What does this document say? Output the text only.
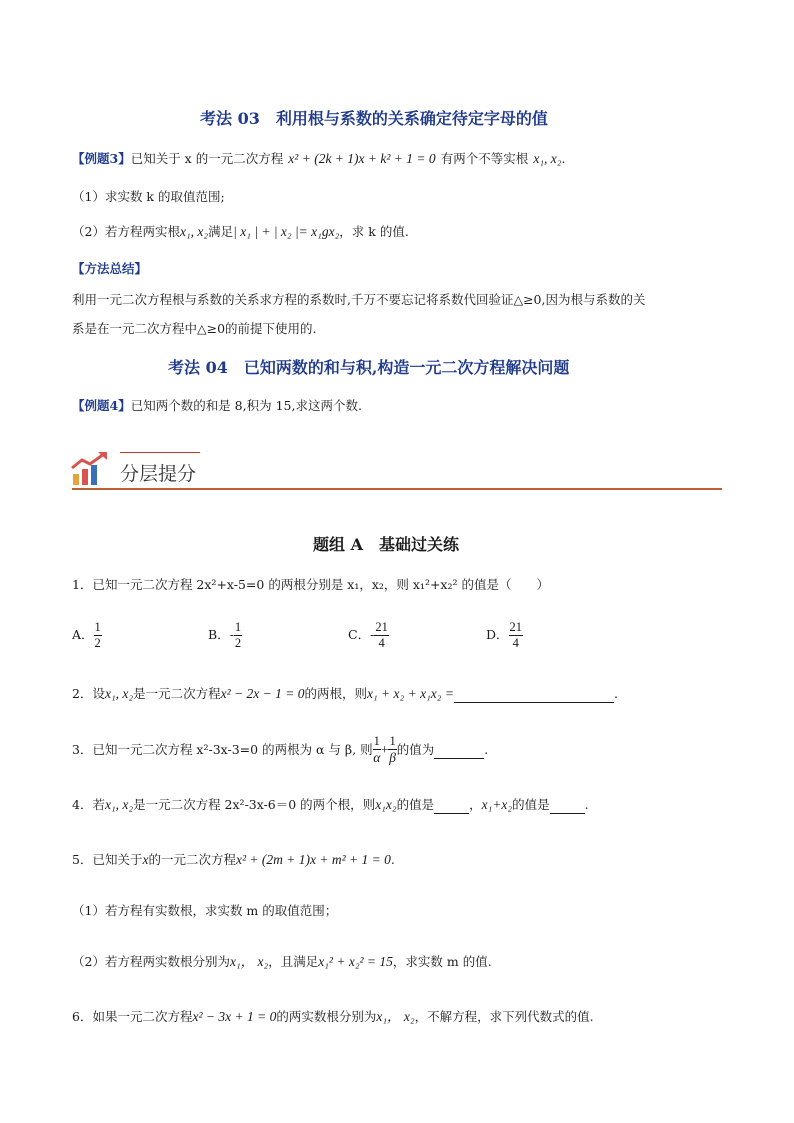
考法 03　利用根与系数的关系确定待定字母的值
【例题3】已知关于 x 的一元二次方程 x² + (2k + 1)x + k² + 1 = 0 有两个不等实根 x₁, x₂.
（1）求实数 k 的取值范围;
（2）若方程两实根x₁, x₂满足| x₁ | + | x₂ |= x₁gx₂，求 k 的值.
【方法总结】
利用一元二次方程根与系数的关系求方程的系数时,千万不要忘记将系数代回验证△≥0,因为根与系数的关
系是在一元二次方程中△≥0的前提下使用的.
考法 04　已知两数的和与积,构造一元二次方程解决问题
【例题4】已知两个数的和是 8,积为 15,求这两个数.
分层提分
题组 A　基础过关练
1．已知一元二次方程 2x²+x-5=0 的两根分别是 x₁，x₂，则 x₁²+x₂² 的值是（　　）
A． $\frac{1}{2}$	B．- $\frac{1}{2}$	C．- $\frac{21}{4}$	D． $\frac{21}{4}$
2．设x₁, x₂是一元二次方程x² − 2x − 1 = 0的两根，则x₁ + x₂ + x₁x₂ =	.
3．已知一元二次方程 x²-3x-3=0 的两根为 α 与 β, 则 $\frac{1}{\alpha} + \frac{1}{\beta}$ 的值为	.
4．若x₁, x₂是一元二次方程 2x²-3x-6＝0 的两个根，则x₁x₂的值是	，x₁+x₂的值是	.
5．已知关于x的一元二次方程x² + (2m + 1)x + m² + 1 = 0.
（1）若方程有实数根，求实数 m 的取值范围；
（2）若方程两实数根分别为x₁， x₂，且满足x₁² + x₂² = 15，求实数 m 的值.
6．如果一元二次方程x² − 3x + 1 = 0的两实数根分别为x₁， x₂，不解方程，求下列代数式的值.
